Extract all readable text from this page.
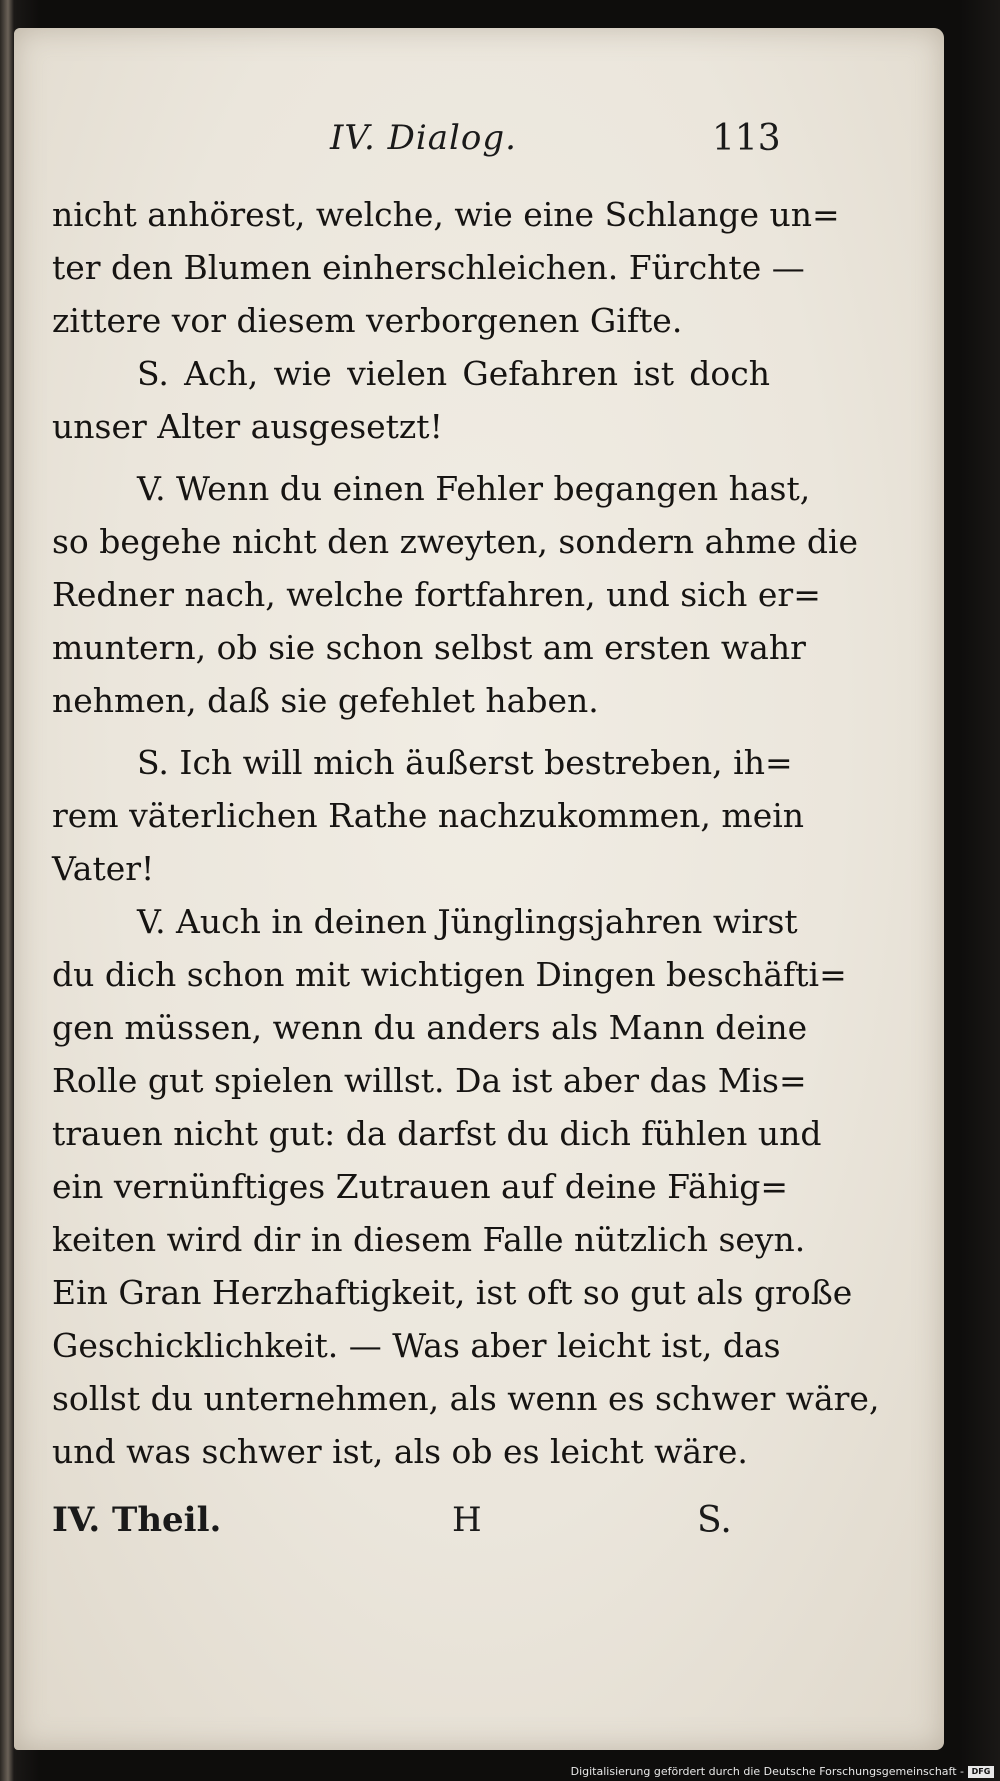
IV. Dialog.	113
nicht anhörest, welche, wie eine Schlange un=
ter den Blumen einherschleichen. Fürchte —
zittere vor diesem verborgenen Gifte.
S. Ach, wie vielen Gefahren ist doch
unser Alter ausgesetzt!
V. Wenn du einen Fehler begangen hast,
so begehe nicht den zweyten, sondern ahme die
Redner nach, welche fortfahren, und sich er=
muntern, ob sie schon selbst am ersten wahr
nehmen, daß sie gefehlet haben.
S. Ich will mich äußerst bestreben, ih=
rem väterlichen Rathe nachzukommen, mein
Vater!
V. Auch in deinen Jünglingsjahren wirst
du dich schon mit wichtigen Dingen beschäfti=
gen müssen, wenn du anders als Mann deine
Rolle gut spielen willst. Da ist aber das Mis=
trauen nicht gut: da darfst du dich fühlen und
ein vernünftiges Zutrauen auf deine Fähig=
keiten wird dir in diesem Falle nützlich seyn.
Ein Gran Herzhaftigkeit, ist oft so gut als große
Geschicklichkeit. — Was aber leicht ist, das
sollst du unternehmen, als wenn es schwer wäre,
und was schwer ist, als ob es leicht wäre.
IV. Theil.	H	S.
Digitalisierung gefördert durch die Deutsche Forschungsgemeinschaft - DFG
